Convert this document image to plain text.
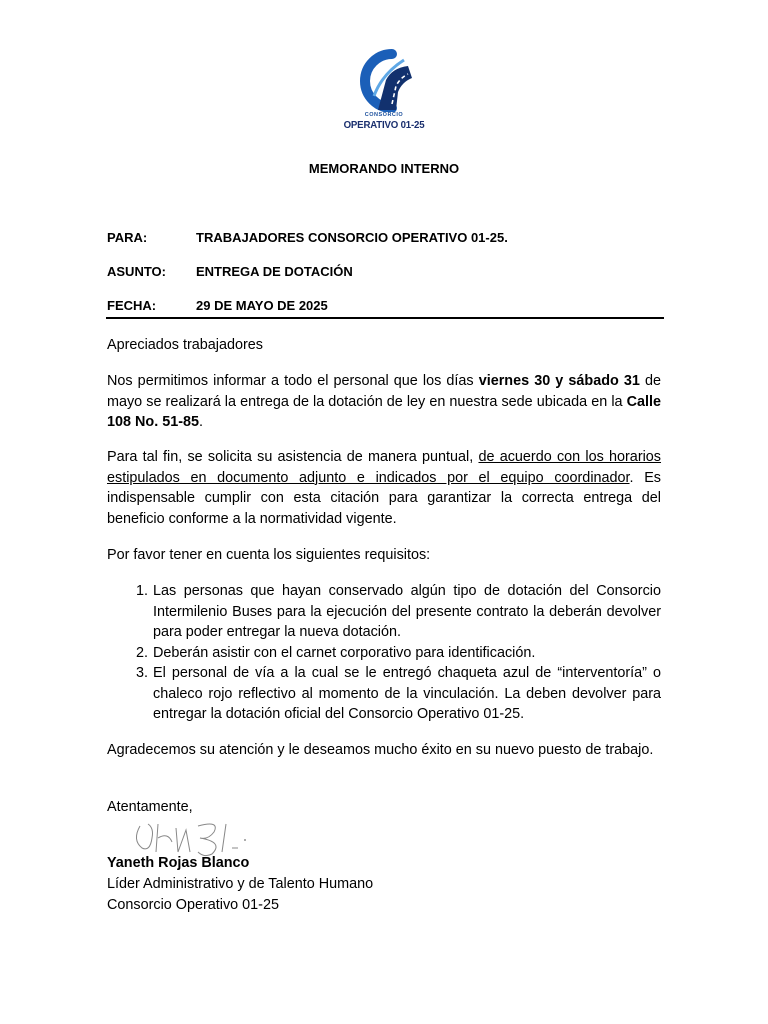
CONSORCIO
OPERATIVO 01-25
MEMORANDO INTERNO
PARA:	TRABAJADORES CONSORCIO OPERATIVO 01-25.
ASUNTO: ENTREGA DE DOTACIÓN
FECHA:	29 DE MAYO DE 2025
Apreciados trabajadores
Nos permitimos informar a todo el personal que los días viernes 30 y sábado 31 de mayo se realizará la entrega de la dotación de ley en nuestra sede ubicada en la Calle 108 No. 51-85.
Para tal fin, se solicita su asistencia de manera puntual, de acuerdo con los horarios estipulados en documento adjunto e indicados por el equipo coordinador. Es indispensable cumplir con esta citación para garantizar la correcta entrega del beneficio conforme a la normatividad vigente.
Por favor tener en cuenta los siguientes requisitos:
1. Las personas que hayan conservado algún tipo de dotación del Consorcio Intermilenio Buses para la ejecución del presente contrato la deberán devolver para poder entregar la nueva dotación.
2. Deberán asistir con el carnet corporativo para identificación.
3. El personal de vía a la cual se le entregó chaqueta azul de “interventoría” o chaleco rojo reflectivo al momento de la vinculación. La deben devolver para entregar la dotación oficial del Consorcio Operativo 01-25.
Agradecemos su atención y le deseamos mucho éxito en su nuevo puesto de trabajo.
Atentamente,
Yaneth Rojas Blanco
Líder Administrativo y de Talento Humano
Consorcio Operativo 01-25
